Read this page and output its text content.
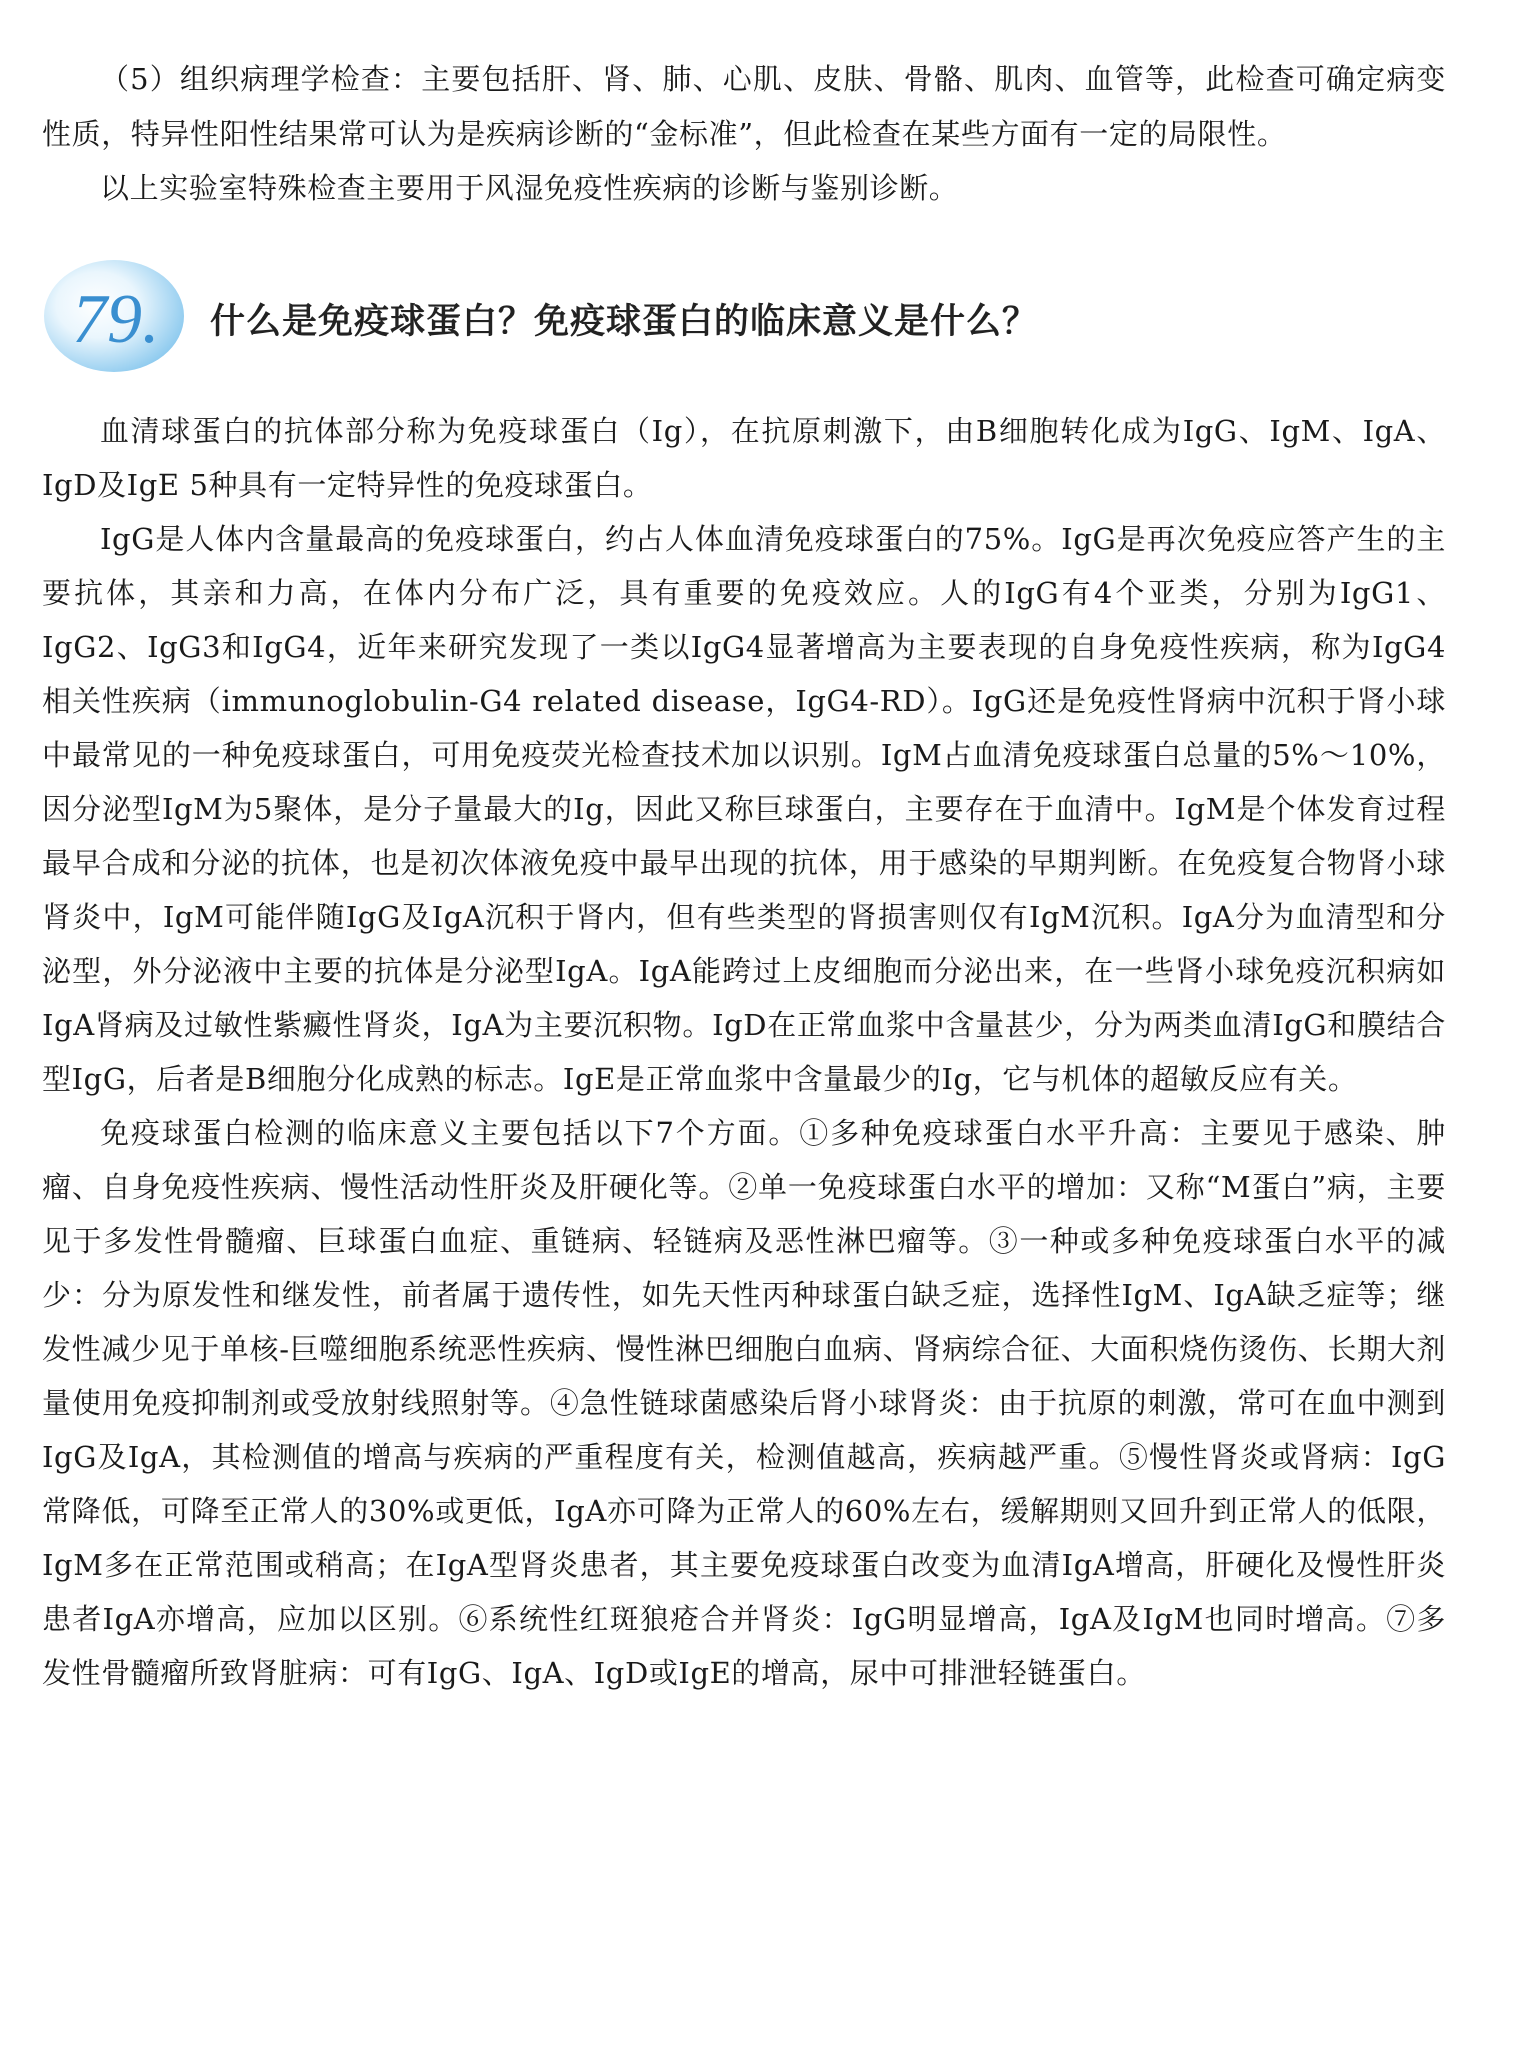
（5）组织病理学检查：主要包括肝、肾、肺、心肌、皮肤、骨骼、肌肉、血管等，此检查可确定病变性质，特异性阳性结果常可认为是疾病诊断的“金标准”，但此检查在某些方面有一定的局限性。

以上实验室特殊检查主要用于风湿免疫性疾病的诊断与鉴别诊断。

79. 什么是免疫球蛋白？免疫球蛋白的临床意义是什么？

血清球蛋白的抗体部分称为免疫球蛋白（Ig），在抗原刺激下，由B细胞转化成为IgG、IgM、IgA、IgD及IgE 5种具有一定特异性的免疫球蛋白。

IgG是人体内含量最高的免疫球蛋白，约占人体血清免疫球蛋白的75%。IgG是再次免疫应答产生的主要抗体，其亲和力高，在体内分布广泛，具有重要的免疫效应。人的IgG有4个亚类，分别为IgG1、IgG2、IgG3和IgG4，近年来研究发现了一类以IgG4显著增高为主要表现的自身免疫性疾病，称为IgG4相关性疾病（immunoglobulin-G4 related disease，IgG4-RD）。IgG还是免疫性肾病中沉积于肾小球中最常见的一种免疫球蛋白，可用免疫荧光检查技术加以识别。IgM占血清免疫球蛋白总量的5%～10%，因分泌型IgM为5聚体，是分子量最大的Ig，因此又称巨球蛋白，主要存在于血清中。IgM是个体发育过程最早合成和分泌的抗体，也是初次体液免疫中最早出现的抗体，用于感染的早期判断。在免疫复合物肾小球肾炎中，IgM可能伴随IgG及IgA沉积于肾内，但有些类型的肾损害则仅有IgM沉积。IgA分为血清型和分泌型，外分泌液中主要的抗体是分泌型IgA。IgA能跨过上皮细胞而分泌出来，在一些肾小球免疫沉积病如IgA肾病及过敏性紫癜性肾炎，IgA为主要沉积物。IgD在正常血浆中含量甚少，分为两类血清IgG和膜结合型IgG，后者是B细胞分化成熟的标志。IgE是正常血浆中含量最少的Ig，它与机体的超敏反应有关。

免疫球蛋白检测的临床意义主要包括以下7个方面。①多种免疫球蛋白水平升高：主要见于感染、肿瘤、自身免疫性疾病、慢性活动性肝炎及肝硬化等。②单一免疫球蛋白水平的增加：又称“M蛋白”病，主要见于多发性骨髓瘤、巨球蛋白血症、重链病、轻链病及恶性淋巴瘤等。③一种或多种免疫球蛋白水平的减少：分为原发性和继发性，前者属于遗传性，如先天性丙种球蛋白缺乏症，选择性IgM、IgA缺乏症等；继发性减少见于单核-巨噬细胞系统恶性疾病、慢性淋巴细胞白血病、肾病综合征、大面积烧伤烫伤、长期大剂量使用免疫抑制剂或受放射线照射等。④急性链球菌感染后肾小球肾炎：由于抗原的刺激，常可在血中测到IgG及IgA，其检测值的增高与疾病的严重程度有关，检测值越高，疾病越严重。⑤慢性肾炎或肾病：IgG常降低，可降至正常人的30%或更低，IgA亦可降为正常人的60%左右，缓解期则又回升到正常人的低限，IgM多在正常范围或稍高；在IgA型肾炎患者，其主要免疫球蛋白改变为血清IgA增高，肝硬化及慢性肝炎患者IgA亦增高，应加以区别。⑥系统性红斑狼疮合并肾炎：IgG明显增高，IgA及IgM也同时增高。⑦多发性骨髓瘤所致肾脏病：可有IgG、IgA、IgD或IgE的增高，尿中可排泄轻链蛋白。
